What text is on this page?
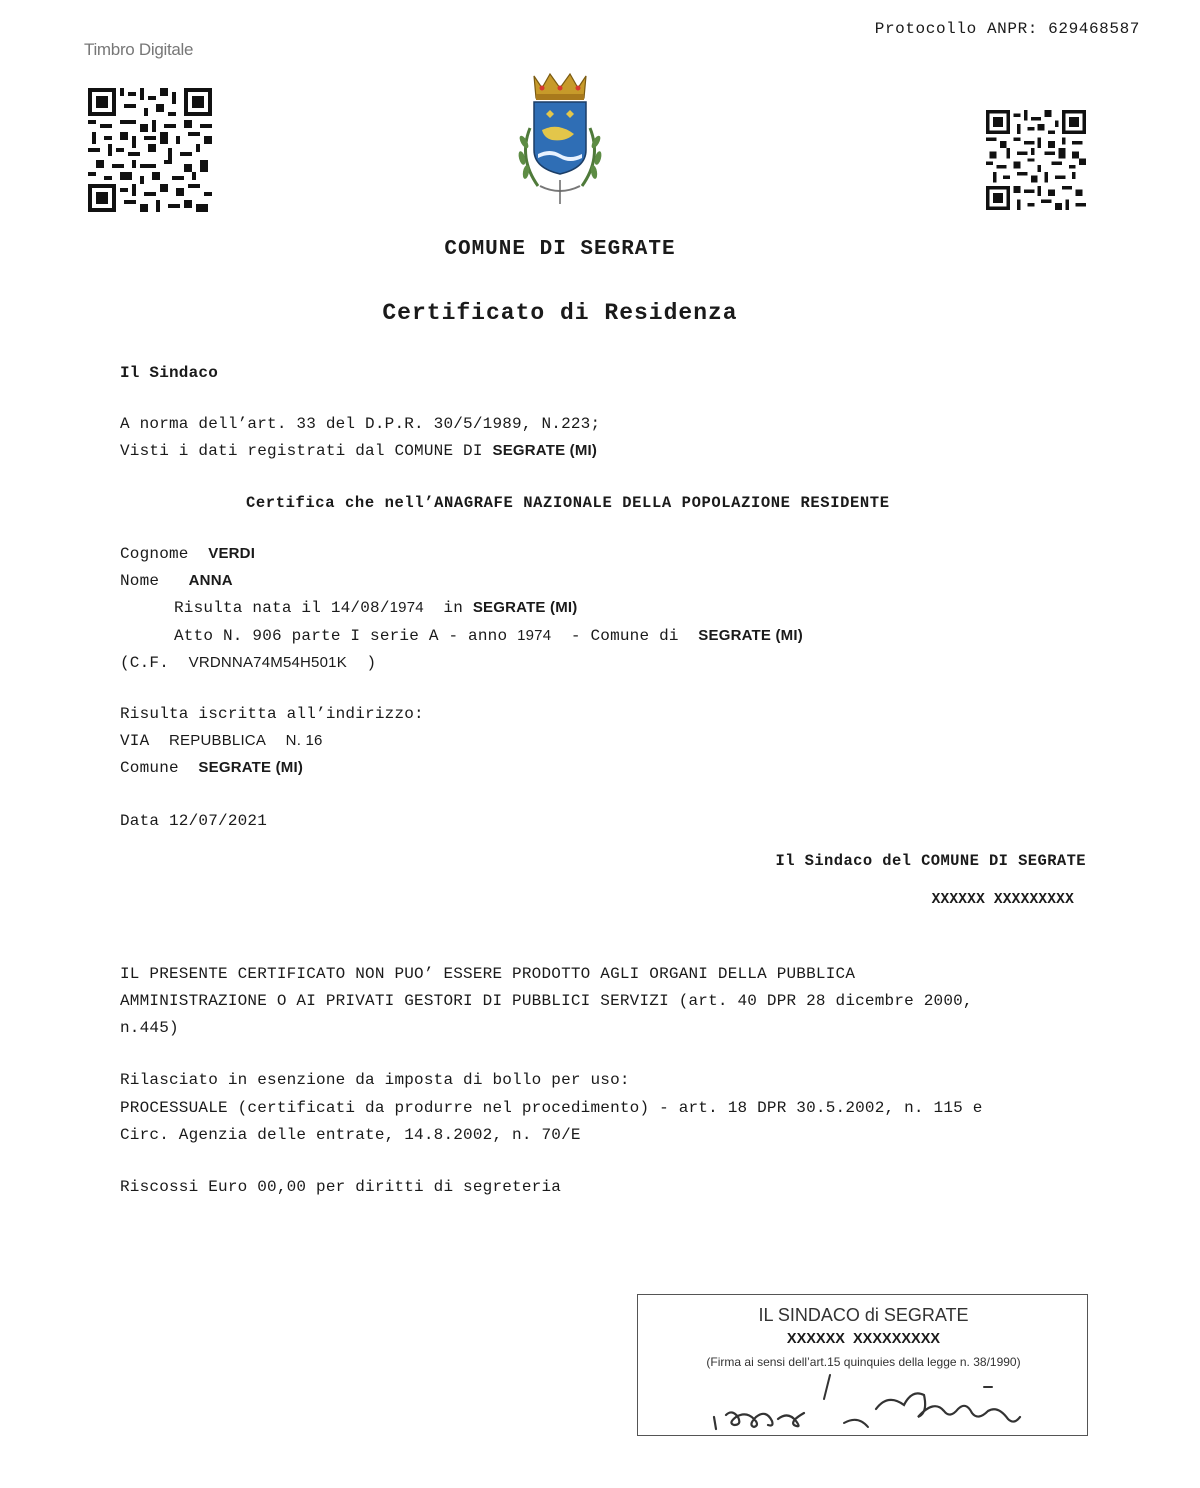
Protocollo ANPR: 629468587
Timbro Digitale
COMUNE DI SEGRATE
Certificato di Residenza
Il Sindaco
A norma dell’art. 33 del D.P.R. 30/5/1989, N.223;
Visti i dati registrati dal COMUNE DI SEGRATE (MI)
Certifica che nell’ANAGRAFE NAZIONALE DELLA POPOLAZIONE RESIDENTE
Cognome VERDI
Nome ANNA
Risulta nata il 14/08/1974 in SEGRATE (MI)
Atto N. 906 parte I serie A - anno 1974 - Comune di SEGRATE (MI)
(C.F. VRDNNA74M54H501K )
Risulta iscritta all’indirizzo:
VIA REPUBBLICA N. 16
Comune SEGRATE (MI)
Data 12/07/2021
Il Sindaco del COMUNE DI SEGRATE
XXXXXX XXXXXXXXX
IL PRESENTE CERTIFICATO NON PUO’ ESSERE PRODOTTO AGLI ORGANI DELLA PUBBLICA
AMMINISTRAZIONE O AI PRIVATI GESTORI DI PUBBLICI SERVIZI (art. 40 DPR 28 dicembre 2000,
n.445)
Rilasciato in esenzione da imposta di bollo per uso:
PROCESSUALE (certificati da produrre nel procedimento) - art. 18 DPR 30.5.2002, n. 115 e
Circ. Agenzia delle entrate, 14.8.2002, n. 70/E
Riscossi Euro 00,00 per diritti di segreteria
IL SINDACO di SEGRATE
XXXXXX  XXXXXXXXX
(Firma ai sensi dell’art.15 quinquies della legge n. 38/1990)
